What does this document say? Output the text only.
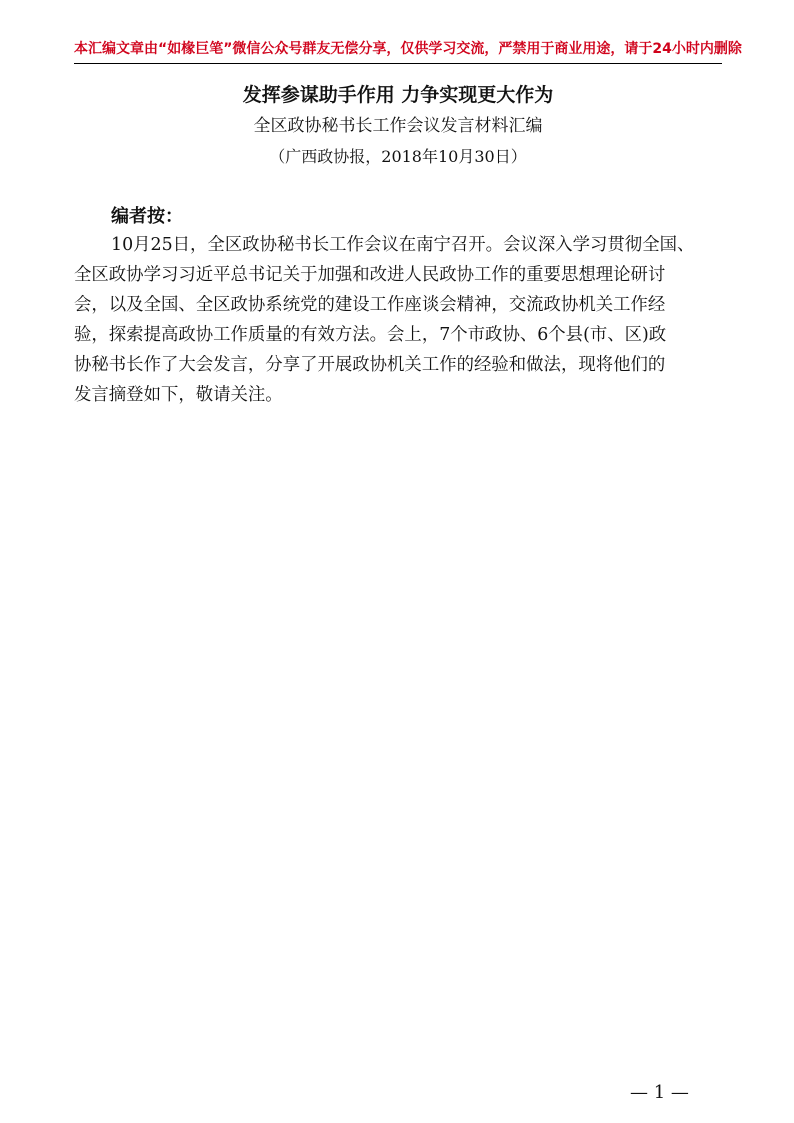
本汇编文章由“如椽巨笔”微信公众号群友无偿分享，仅供学习交流，严禁用于商业用途，请于24小时内删除
发挥参谋助手作用 力争实现更大作为
全区政协秘书长工作会议发言材料汇编
（广西政协报，2018年10月30日）
编者按：
10月25日，全区政协秘书长工作会议在南宁召开。会议深入学习贯彻全国、
全区政协学习习近平总书记关于加强和改进人民政协工作的重要思想理论研讨
会，以及全国、全区政协系统党的建设工作座谈会精神，交流政协机关工作经
验，探索提高政协工作质量的有效方法。会上，7个市政协、6个县(市、区)政
协秘书长作了大会发言，分享了开展政协机关工作的经验和做法，现将他们的
发言摘登如下，敬请关注。
— 1 —
